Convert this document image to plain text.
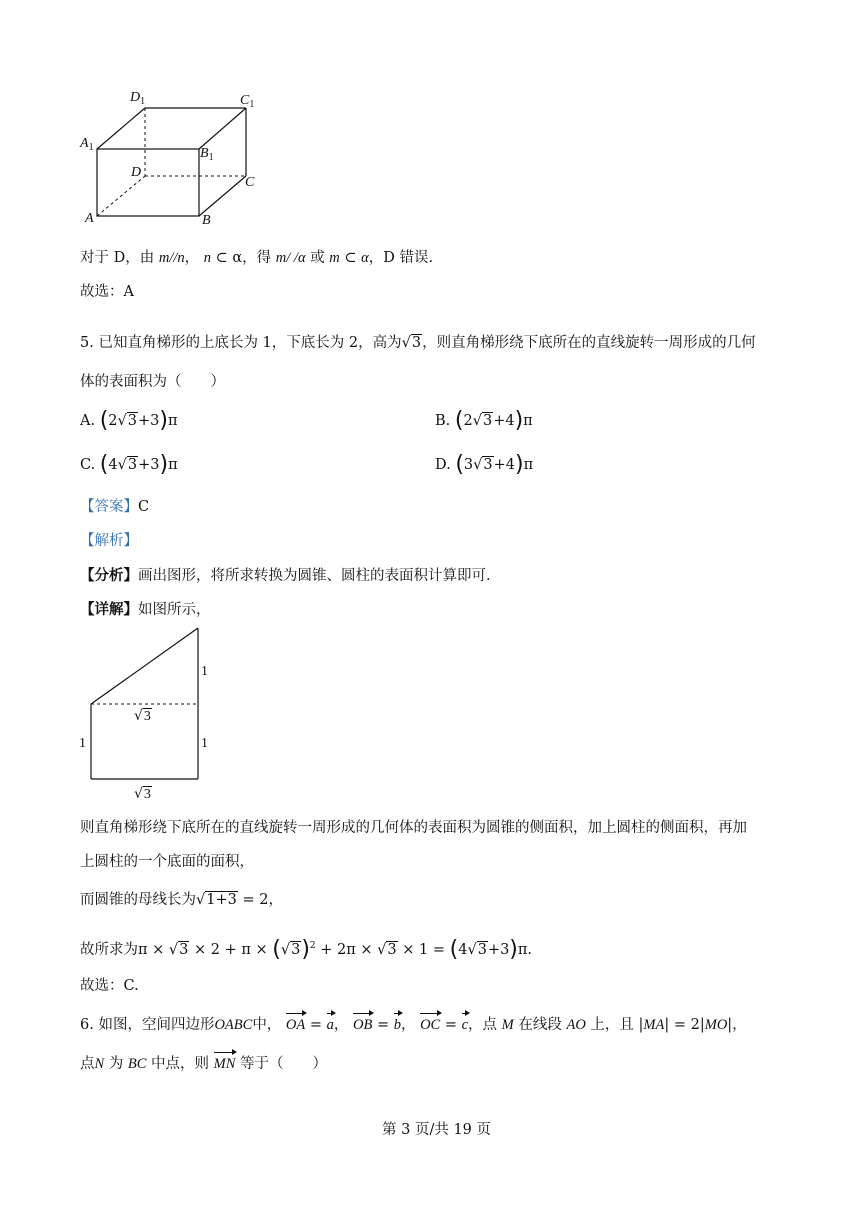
$D_1$	$C_1$
$A_1$	$B_1$
D
C
A	B
对于 D，由 m//n， n ⊂ α，得 m/ /α 或 m ⊂ α，D 错误.
故选：A
5. 已知直角梯形的上底长为 1，下底长为 2，高为√3，则直角梯形绕下底所在的直线旋转一周形成的几何
体的表面积为（　　）
A. (2√3+3)π	B. (2√3+4)π
C. (4√3+3)π	D. (3√3+4)π
【答案】C
【解析】
【分析】画出图形，将所求转换为圆锥、圆柱的表面积计算即可.
【详解】如图所示，
1
√3
1	1
√3
则直角梯形绕下底所在的直线旋转一周形成的几何体的表面积为圆锥的侧面积，加上圆柱的侧面积，再加
上圆柱的一个底面的面积，
而圆锥的母线长为√1+3 = 2，
故所求为$\pi \times √3 \times 2 + \pi \times (√3)^2 + 2\pi \times √3 \times 1 = (4√3+3)\pi$.
故选：C.
6. 如图，空间四边形OABC中， OA = a， OB = b， OC = c，点 M 在线段 AO 上，且 |MA| = 2|MO|，
点N 为 BC 中点，则 MN 等于（　　）
第 3 页/共 19 页
